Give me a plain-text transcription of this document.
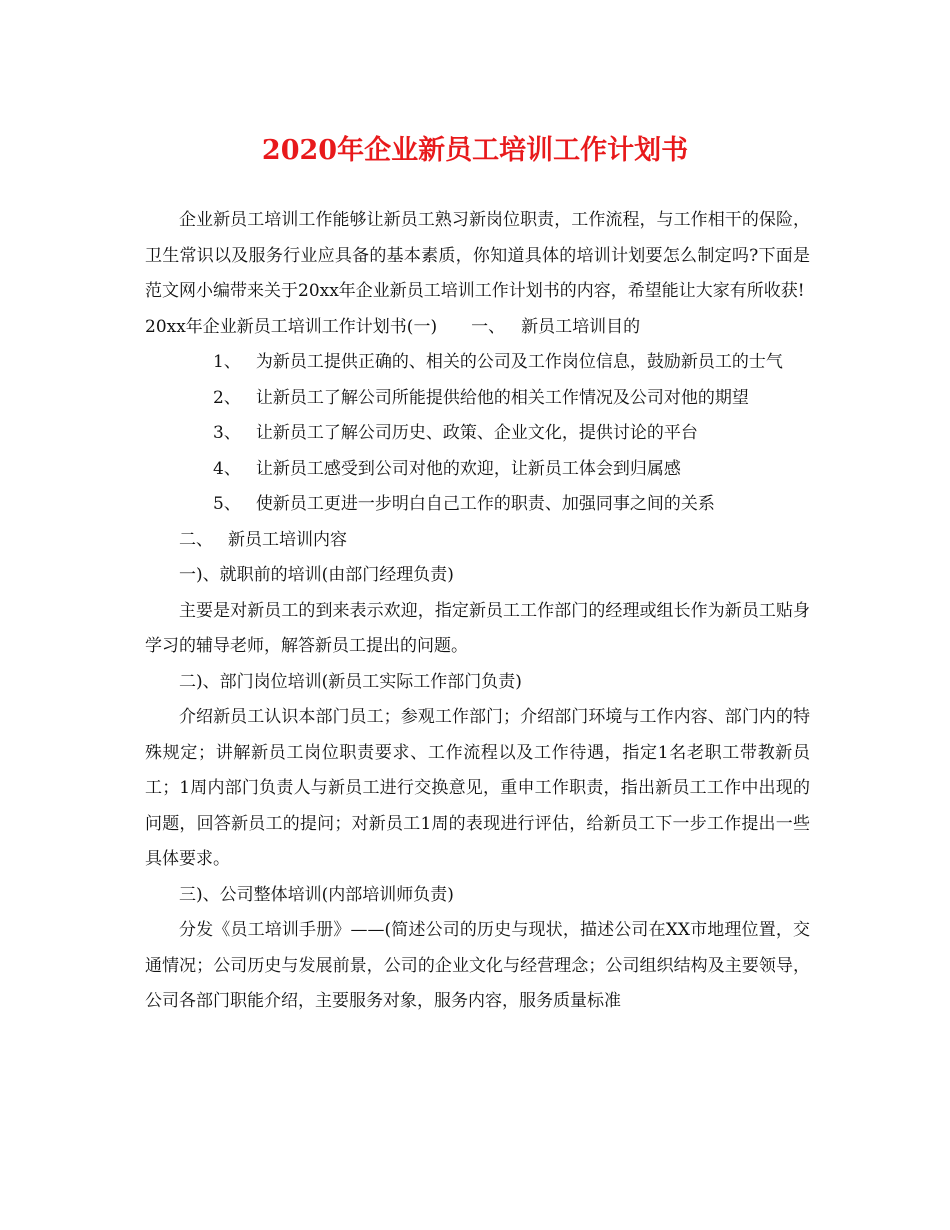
2020年企业新员工培训工作计划书

企业新员工培训工作能够让新员工熟习新岗位职责，工作流程，与工作相干的保险，卫生常识以及服务行业应具备的基本素质，你知道具体的培训计划要怎么制定吗?下面是范文网小编带来关于20xx年企业新员工培训工作计划书的内容，希望能让大家有所收获!

20xx年企业新员工培训工作计划书(一) 一、 新员工培训目的

1、 为新员工提供正确的、相关的公司及工作岗位信息，鼓励新员工的士气

2、 让新员工了解公司所能提供给他的相关工作情况及公司对他的期望

3、 让新员工了解公司历史、政策、企业文化，提供讨论的平台

4、 让新员工感受到公司对他的欢迎，让新员工体会到归属感

5、 使新员工更进一步明白自己工作的职责、加强同事之间的关系

二、 新员工培训内容

一)、就职前的培训(由部门经理负责)

主要是对新员工的到来表示欢迎，指定新员工工作部门的经理或组长作为新员工贴身学习的辅导老师，解答新员工提出的问题。

二)、部门岗位培训(新员工实际工作部门负责)

介绍新员工认识本部门员工；参观工作部门；介绍部门环境与工作内容、部门内的特殊规定；讲解新员工岗位职责要求、工作流程以及工作待遇，指定1名老职工带教新员工；1周内部门负责人与新员工进行交换意见，重申工作职责，指出新员工工作中出现的问题，回答新员工的提问；对新员工1周的表现进行评估，给新员工下一步工作提出一些具体要求。

三)、公司整体培训(内部培训师负责)

分发《员工培训手册》——(简述公司的历史与现状，描述公司在XX市地理位置，交通情况；公司历史与发展前景，公司的企业文化与经营理念；公司组织结构及主要领导，公司各部门职能介绍，主要服务对象，服务内容，服务质量标准
